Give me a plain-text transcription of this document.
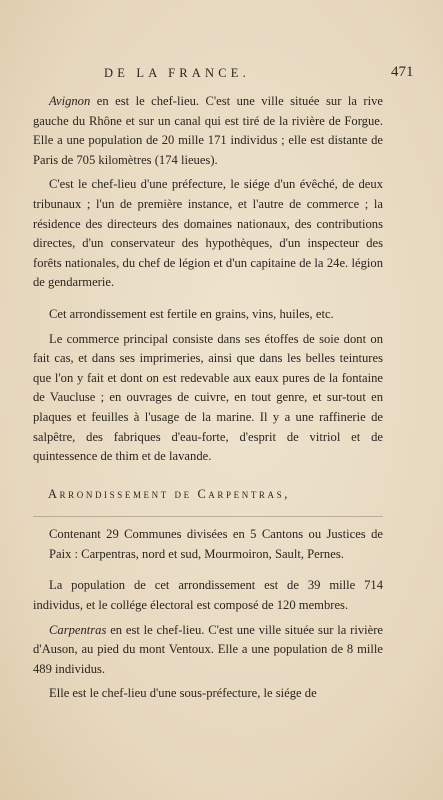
DE LA FRANCE.	471

Avignon en est le chef-lieu. C'est une ville située sur la rive gauche du Rhône et sur un canal qui est tiré de la rivière de Forgue. Elle a une population de 20 mille 171 individus ; elle est distante de Paris de 705 kilomètres (174 lieues).

C'est le chef-lieu d'une préfecture, le siége d'un évêché, de deux tribunaux ; l'un de première instance, et l'autre de commerce ; la résidence des directeurs des domaines nationaux, des contributions directes, d'un conservateur des hypothèques, d'un inspecteur des forêts nationales, du chef de légion et d'un capitaine de la 24e. légion de gendarmerie.

Cet arrondissement est fertile en grains, vins, huiles, etc.

Le commerce principal consiste dans ses étoffes de soie dont on fait cas, et dans ses imprimeries, ainsi que dans les belles teintures que l'on y fait et dont on est redevable aux eaux pures de la fontaine de Vaucluse ; en ouvrages de cuivre, en tout genre, et sur-tout en plaques et feuilles à l'usage de la marine. Il y a une raffinerie de salpêtre, des fabriques d'eau-forte, d'esprit de vitriol et de quintessence de thim et de lavande.

Arrondissement de Carpentras,

Contenant 29 Communes divisées en 5 Cantons ou Justices de Paix : Carpentras, nord et sud, Mourmoiron, Sault, Pernes.

La population de cet arrondissement est de 39 mille 714 individus, et le collége électoral est composé de 120 membres.

Carpentras en est le chef-lieu. C'est une ville située sur la rivière d'Auson, au pied du mont Ventoux. Elle a une population de 8 mille 489 individus.

Elle est le chef-lieu d'une sous-préfecture, le siége de
